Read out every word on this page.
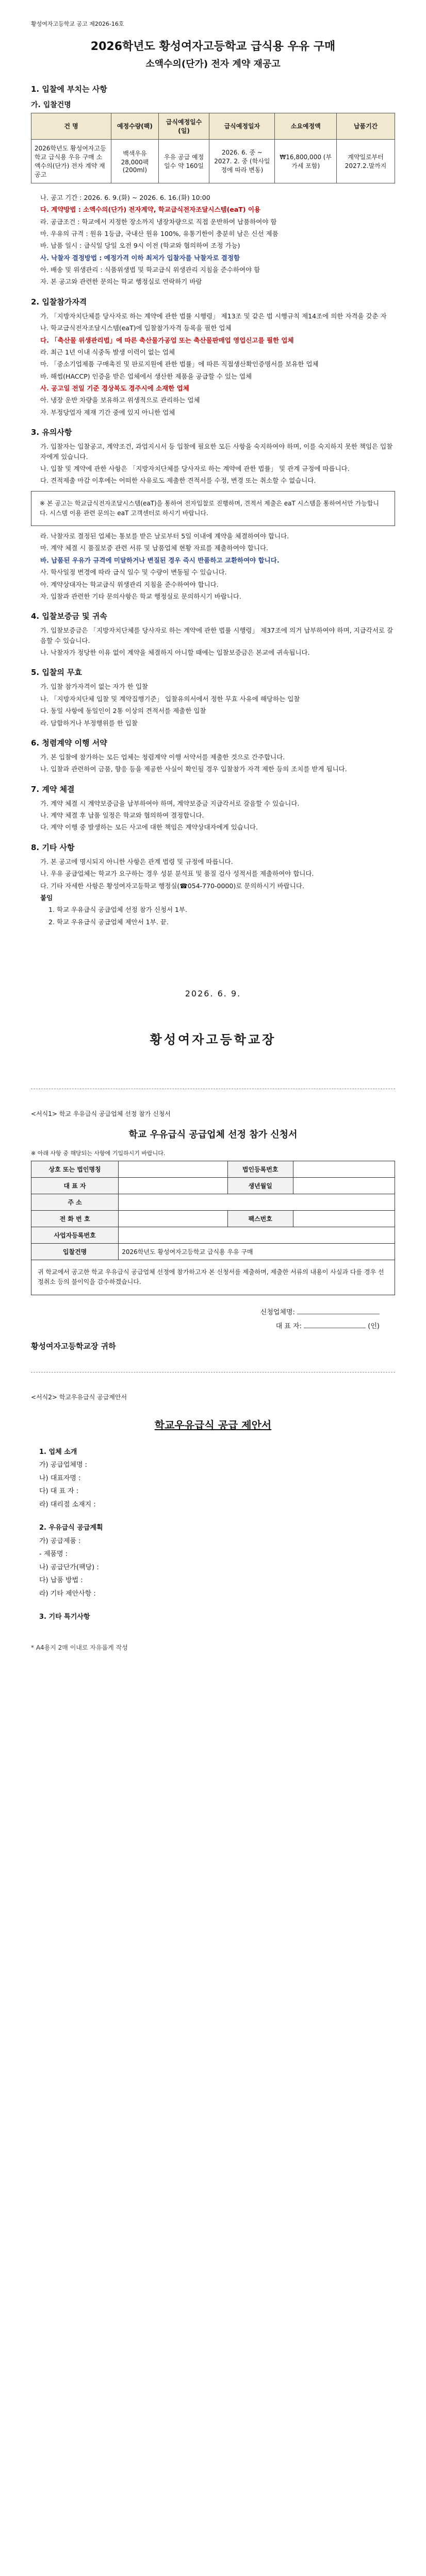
황성여자고등학교 공고 제2026-16호
2026학년도 황성여자고등학교 급식용 우유 구매
소액수의(단가) 전자 계약 재공고
1. 입찰에 부치는 사항
가. 입찰건명
건 명	예정수량(팩)	급식예정일수(일)	급식예정일자	소요예정액	납품기간
2026학년도 황성여자고등학교 급식용 우유 구매 소액수의(단가) 전자 계약 재공고	백색우유 28,000팩 (200ml)	우유 공급 예정일수 약 160일	2026. 6. 중 ~ 2027. 2. 중 (학사일정에 따라 변동)	₩16,800,000 (부가세 포함)	계약일로부터 2027.2.말까지
나. 공고 기간 : 2026. 6. 9.(화) ~ 2026. 6. 16.(화) 10:00
다. 계약방법 : 소액수의(단가) 전자계약, 학교급식전자조달시스템(eaT) 이용
라. 공급조건 : 학교에서 지정한 장소까지 냉장차량으로 직접 운반하여 납품하여야 함
마. 우유의 규격 : 원유 1등급, 국내산 원유 100%, 유통기한이 충분히 남은 신선 제품
바. 납품 일시 : 급식일 당일 오전 9시 이전 (학교와 협의하여 조정 가능)
사. 낙찰자 결정방법 : 예정가격 이하 최저가 입찰자를 낙찰자로 결정함
아. 배송 및 위생관리 : 식품위생법 및 학교급식 위생관리 지침을 준수하여야 함
자. 본 공고와 관련한 문의는 학교 행정실로 연락하기 바람
2. 입찰참가자격
가. 「지방자치단체를 당사자로 하는 계약에 관한 법률 시행령」 제13조 및 같은 법 시행규칙 제14조에 의한 자격을 갖춘 자
나. 학교급식전자조달시스템(eaT)에 입찰참가자격 등록을 필한 업체
다. 「축산물 위생관리법」에 따른 축산물가공업 또는 축산물판매업 영업신고를 필한 업체
라. 최근 1년 이내 식중독 발생 이력이 없는 업체
마. 「중소기업제품 구매촉진 및 판로지원에 관한 법률」에 따른 직접생산확인증명서를 보유한 업체
바. 해썹(HACCP) 인증을 받은 업체에서 생산한 제품을 공급할 수 있는 업체
사. 공고일 전일 기준 경상북도 경주시에 소재한 업체
아. 냉장 운반 차량을 보유하고 위생적으로 관리하는 업체
자. 부정당업자 제재 기간 중에 있지 아니한 업체
3. 유의사항
가. 입찰자는 입찰공고, 계약조건, 과업지시서 등 입찰에 필요한 모든 사항을 숙지하여야 하며, 이를 숙지하지 못한 책임은 입찰자에게 있습니다.
나. 입찰 및 계약에 관한 사항은 「지방자치단체를 당사자로 하는 계약에 관한 법률」 및 관계 규정에 따릅니다.
다. 견적제출 마감 이후에는 어떠한 사유로도 제출한 견적서를 수정, 변경 또는 취소할 수 없습니다.
※ 본 공고는 학교급식전자조달시스템(eaT)을 통하여 전자입찰로 진행하며, 견적서 제출은 eaT 시스템을 통하여서만 가능합니다. 시스템 이용 관련 문의는 eaT 고객센터로 하시기 바랍니다.
라. 낙찰자로 결정된 업체는 통보를 받은 날로부터 5일 이내에 계약을 체결하여야 합니다.
마. 계약 체결 시 품질보증 관련 서류 및 납품업체 현황 자료를 제출하여야 합니다.
바. 납품된 우유가 규격에 미달하거나 변질된 경우 즉시 반품하고 교환하여야 합니다.
사. 학사일정 변경에 따라 급식 일수 및 수량이 변동될 수 있습니다.
아. 계약상대자는 학교급식 위생관리 지침을 준수하여야 합니다.
자. 입찰과 관련한 기타 문의사항은 학교 행정실로 문의하시기 바랍니다.
4. 입찰보증금 및 귀속
가. 입찰보증금은 「지방자치단체를 당사자로 하는 계약에 관한 법률 시행령」 제37조에 의거 납부하여야 하며, 지급각서로 갈음할 수 있습니다.
나. 낙찰자가 정당한 이유 없이 계약을 체결하지 아니할 때에는 입찰보증금은 본교에 귀속됩니다.
5. 입찰의 무효
가. 입찰 참가자격이 없는 자가 한 입찰
나. 「지방자치단체 입찰 및 계약집행기준」 입찰유의서에서 정한 무효 사유에 해당하는 입찰
다. 동일 사항에 동일인이 2통 이상의 견적서를 제출한 입찰
라. 담합하거나 부정행위를 한 입찰
6. 청렴계약 이행 서약
가. 본 입찰에 참가하는 모든 업체는 청렴계약 이행 서약서를 제출한 것으로 간주합니다.
나. 입찰과 관련하여 금품, 향응 등을 제공한 사실이 확인될 경우 입찰참가 자격 제한 등의 조치를 받게 됩니다.
7. 계약 체결
가. 계약 체결 시 계약보증금을 납부하여야 하며, 계약보증금 지급각서로 갈음할 수 있습니다.
나. 계약 체결 후 납품 일정은 학교와 협의하여 결정합니다.
다. 계약 이행 중 발생하는 모든 사고에 대한 책임은 계약상대자에게 있습니다.
8. 기타 사항
가. 본 공고에 명시되지 아니한 사항은 관계 법령 및 규정에 따릅니다.
나. 우유 공급업체는 학교가 요구하는 경우 성분 분석표 및 품질 검사 성적서를 제출하여야 합니다.
다. 기타 자세한 사항은 황성여자고등학교 행정실(☎054-770-0000)로 문의하시기 바랍니다.
붙임
1. 학교 우유급식 공급업체 선정 참가 신청서 1부.
2. 학교 우유급식 공급업체 제안서 1부. 끝.
2026. 6. 9.
황성여자고등학교장
<서식1> 학교 우유급식 공급업체 선정 참가 신청서
학교 우유급식 공급업체 선정 참가 신청서
※ 아래 사항 중 해당되는 사항에 기입하시기 바랍니다.
상호 또는 법인명칭		법인등록번호	
대 표 자		생년월일	
주 소			
전 화 번 호		팩스번호	
사업자등록번호			
입찰건명	2026학년도 황성여자고등학교 급식용 우유 구매		
귀 학교에서 공고한 학교 우유급식 공급업체 선정에 참가하고자 본 신청서를 제출하며, 제출한 서류의 내용이 사실과 다를 경우 선정취소 등의 불이익을 감수하겠습니다.			
신청업체명:
대 표 자:	(인)
황성여자고등학교장 귀하
<서식2> 학교우유급식 공급제안서
학교우유급식 공급 제안서
1. 업체 소개
가) 공급업체명 :
나) 대표자명 :
다) 대 표 자 :
라) 대리점 소재지 :
2. 우유급식 공급계획
가) 공급제품 :
- 제품명 :
나) 공급단가(팩당) :
다) 납품 방법 :
라) 기타 제안사항 :
3. 기타 특기사항
* A4용지 2매 이내로 자유롭게 작성
